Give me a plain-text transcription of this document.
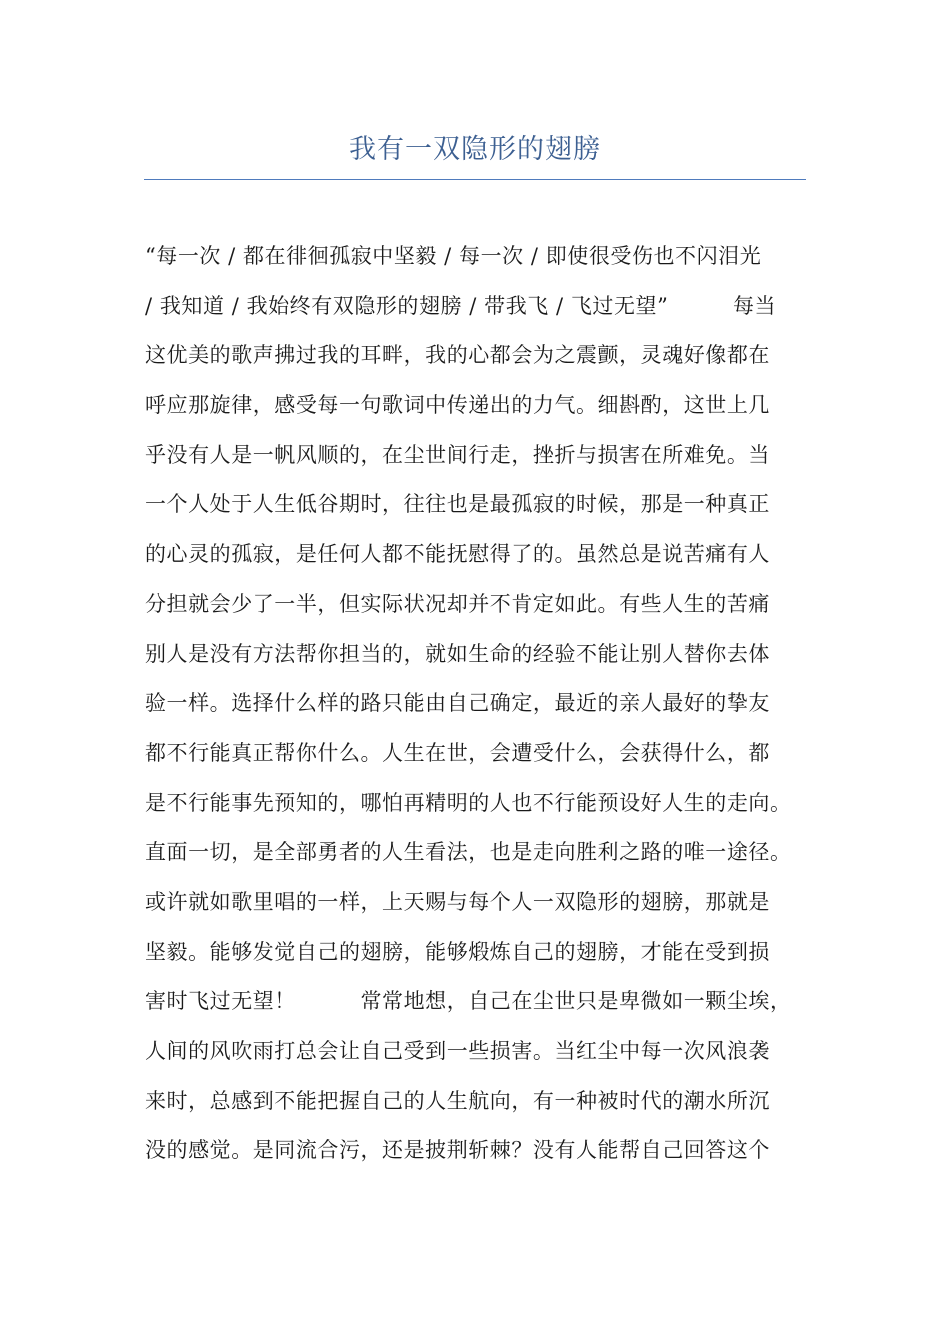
我有一双隐形的翅膀
“每一次 / 都在徘徊孤寂中坚毅 / 每一次 / 即使很受伤也不闪泪光
/ 我知道 / 我始终有双隐形的翅膀 / 带我飞 / 飞过无望”　　　每当
这优美的歌声拂过我的耳畔，我的心都会为之震颤，灵魂好像都在
呼应那旋律，感受每一句歌词中传递出的力气。细斟酌，这世上几
乎没有人是一帆风顺的，在尘世间行走，挫折与损害在所难免。当
一个人处于人生低谷期时，往往也是最孤寂的时候，那是一种真正
的心灵的孤寂，是任何人都不能抚慰得了的。虽然总是说苦痛有人
分担就会少了一半，但实际状况却并不肯定如此。有些人生的苦痛
别人是没有方法帮你担当的，就如生命的经验不能让别人替你去体
验一样。选择什么样的路只能由自己确定，最近的亲人最好的挚友
都不行能真正帮你什么。人生在世，会遭受什么，会获得什么，都
是不行能事先预知的，哪怕再精明的人也不行能预设好人生的走向。
直面一切，是全部勇者的人生看法，也是走向胜利之路的唯一途径。
或许就如歌里唱的一样，上天赐与每个人一双隐形的翅膀，那就是
坚毅。能够发觉自己的翅膀，能够煅炼自己的翅膀，才能在受到损
害时飞过无望！　　　常常地想，自己在尘世只是卑微如一颗尘埃，
人间的风吹雨打总会让自己受到一些损害。当红尘中每一次风浪袭
来时，总感到不能把握自己的人生航向，有一种被时代的潮水所沉
没的感觉。是同流合污，还是披荆斩棘？没有人能帮自己回答这个
